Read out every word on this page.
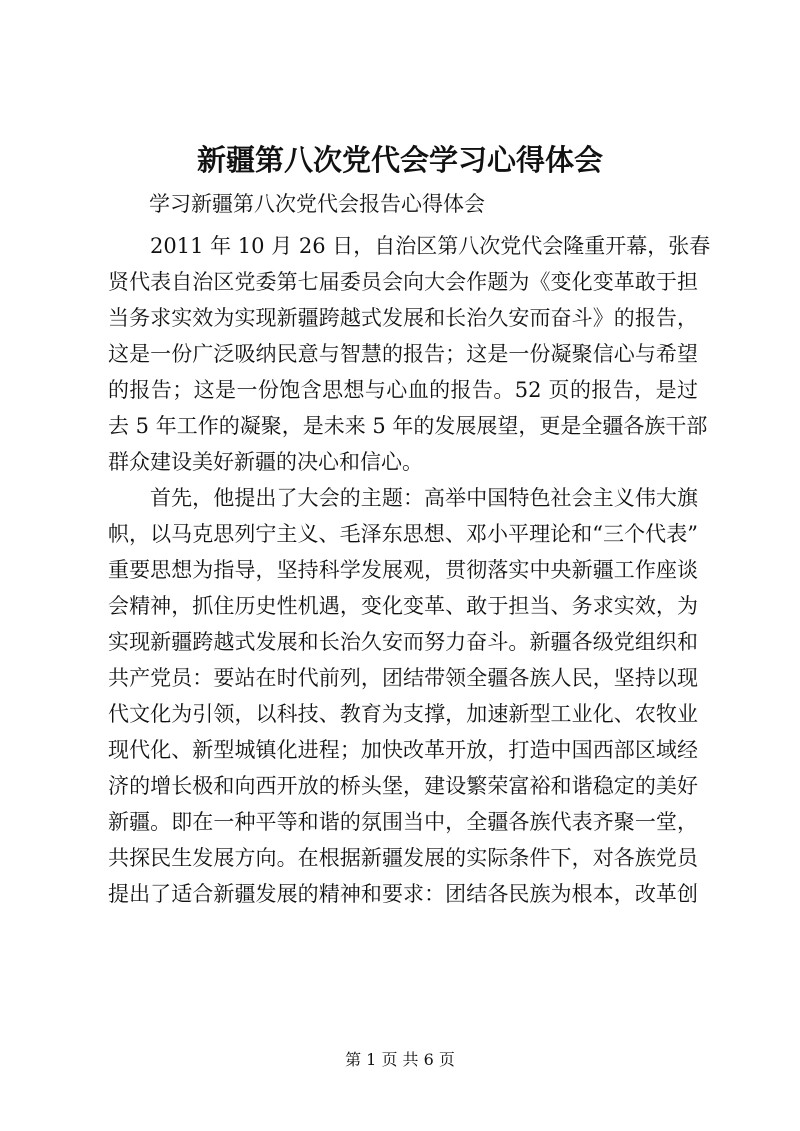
新疆第八次党代会学习心得体会

学习新疆第八次党代会报告心得体会

2011 年 10 月 26 日，自治区第八次党代会隆重开幕，张春
贤代表自治区党委第七届委员会向大会作题为《变化变革敢于担
当务求实效为实现新疆跨越式发展和长治久安而奋斗》的报告，
这是一份广泛吸纳民意与智慧的报告；这是一份凝聚信心与希望
的报告；这是一份饱含思想与心血的报告。52 页的报告，是过
去 5 年工作的凝聚，是未来 5 年的发展展望，更是全疆各族干部
群众建设美好新疆的决心和信心。
首先，他提出了大会的主题：高举中国特色社会主义伟大旗
帜，以马克思列宁主义、毛泽东思想、邓小平理论和“三个代表”
重要思想为指导，坚持科学发展观，贯彻落实中央新疆工作座谈
会精神，抓住历史性机遇，变化变革、敢于担当、务求实效，为
实现新疆跨越式发展和长治久安而努力奋斗。新疆各级党组织和
共产党员：要站在时代前列，团结带领全疆各族人民，坚持以现
代文化为引领，以科技、教育为支撑，加速新型工业化、农牧业
现代化、新型城镇化进程；加快改革开放，打造中国西部区域经
济的增长极和向西开放的桥头堡，建设繁荣富裕和谐稳定的美好
新疆。即在一种平等和谐的氛围当中，全疆各族代表齐聚一堂，
共探民生发展方向。在根据新疆发展的实际条件下，对各族党员
提出了适合新疆发展的精神和要求：团结各民族为根本，改革创
第 1 页 共 6 页
